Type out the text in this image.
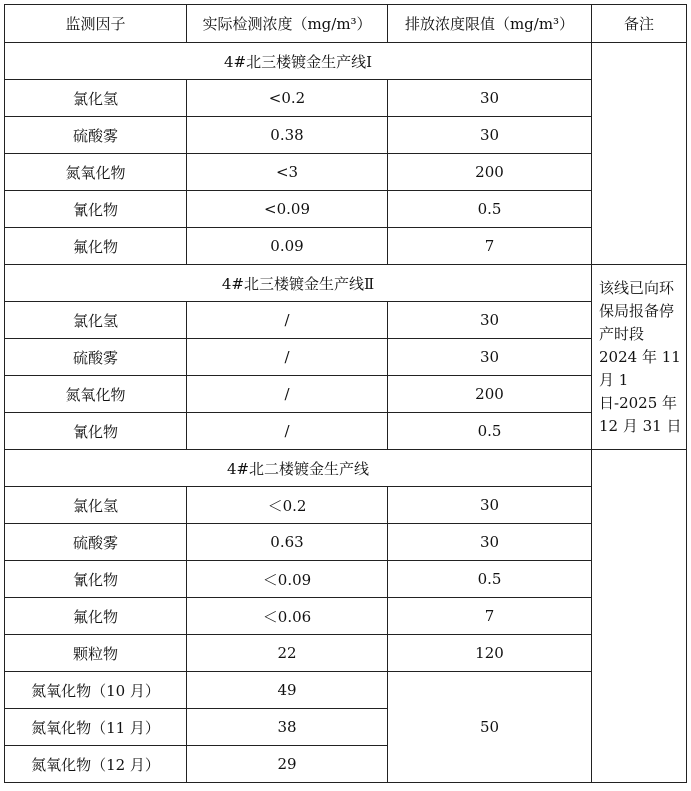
监测因子	实际检测浓度（mg/m³）	排放浓度限值（mg/m³）	备注
4#北三楼镀金生产线Ⅰ			
氯化氢	<0.2	30	
硫酸雾	0.38	30	
氮氧化物	<3	200	
氰化物	<0.09	0.5	
氟化物	0.09	7	
4#北三楼镀金生产线Ⅱ			该线已向环保局报备停产时段 2024 年 11 月 1 日-2025 年 12 月 31 日
氯化氢	/	30	
硫酸雾	/	30	
氮氧化物	/	200	
氰化物	/	0.5	
4#北二楼镀金生产线			
氯化氢	＜0.2	30	
硫酸雾	0.63	30	
氰化物	＜0.09	0.5	
氟化物	＜0.06	7	
颗粒物	22	120	
氮氧化物（10 月）	49	50	
氮氧化物（11 月）	38		
氮氧化物（12 月）	29		
